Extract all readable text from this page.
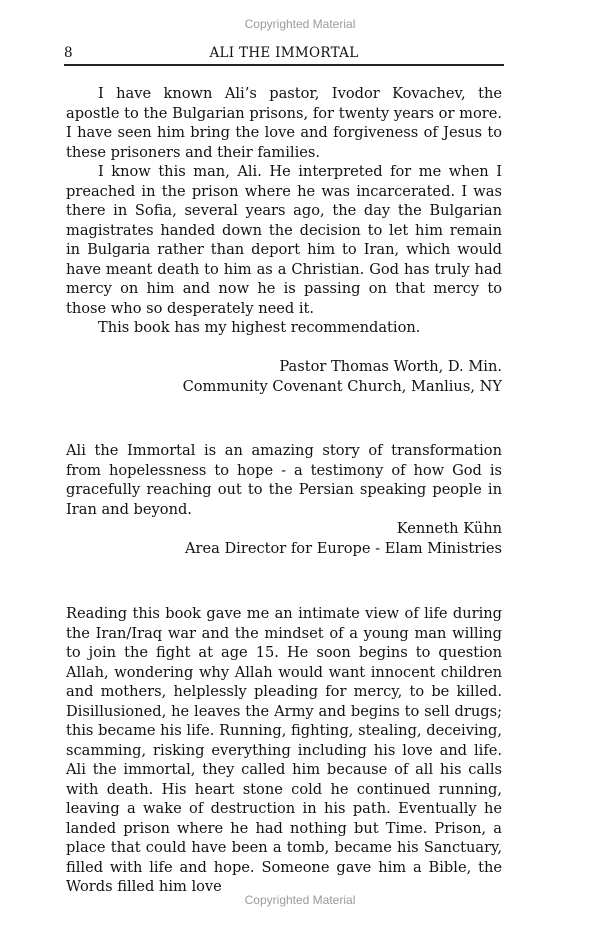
Copyrighted Material
8	ALI THE IMMORTAL

I have known Ali’s pastor, Ivodor Kovachev, the apostle to the Bulgarian prisons, for twenty years or more. I have seen him bring the love and forgiveness of Jesus to these prisoners and their families.

I know this man, Ali. He interpreted for me when I preached in the prison where he was incarcerated. I was there in Sofia, several years ago, the day the Bulgarian magistrates handed down the decision to let him remain in Bulgaria rather than deport him to Iran, which would have meant death to him as a Christian. God has truly had mercy on him and now he is passing on that mercy to those who so desperately need it.

This book has my highest recommendation.

Pastor Thomas Worth, D. Min.

Community Covenant Church, Manlius, NY

Ali the Immortal is an amazing story of transformation from hopelessness to hope - a testimony of how God is gracefully reaching out to the Persian speaking people in Iran and beyond.

Kenneth Kühn

Area Director for Europe - Elam Ministries

Reading this book gave me an intimate view of life during the Iran/Iraq war and the mindset of a young man willing to join the fight at age 15. He soon begins to question Allah, wondering why Allah would want innocent children and mothers, helplessly pleading for mercy, to be killed. Disillusioned, he leaves the Army and begins to sell drugs; this became his life. Running, fighting, stealing, deceiving, scamming, risking everything including his love and life. Ali the immortal, they called him because of all his calls with death. His heart stone cold he continued running, leaving a wake of destruction in his path. Eventually he landed prison where he had nothing but Time. Prison, a place that could have been a tomb, became his Sanctuary, filled with life and hope. Someone gave him a Bible, the Words filled him love

Copyrighted Material
